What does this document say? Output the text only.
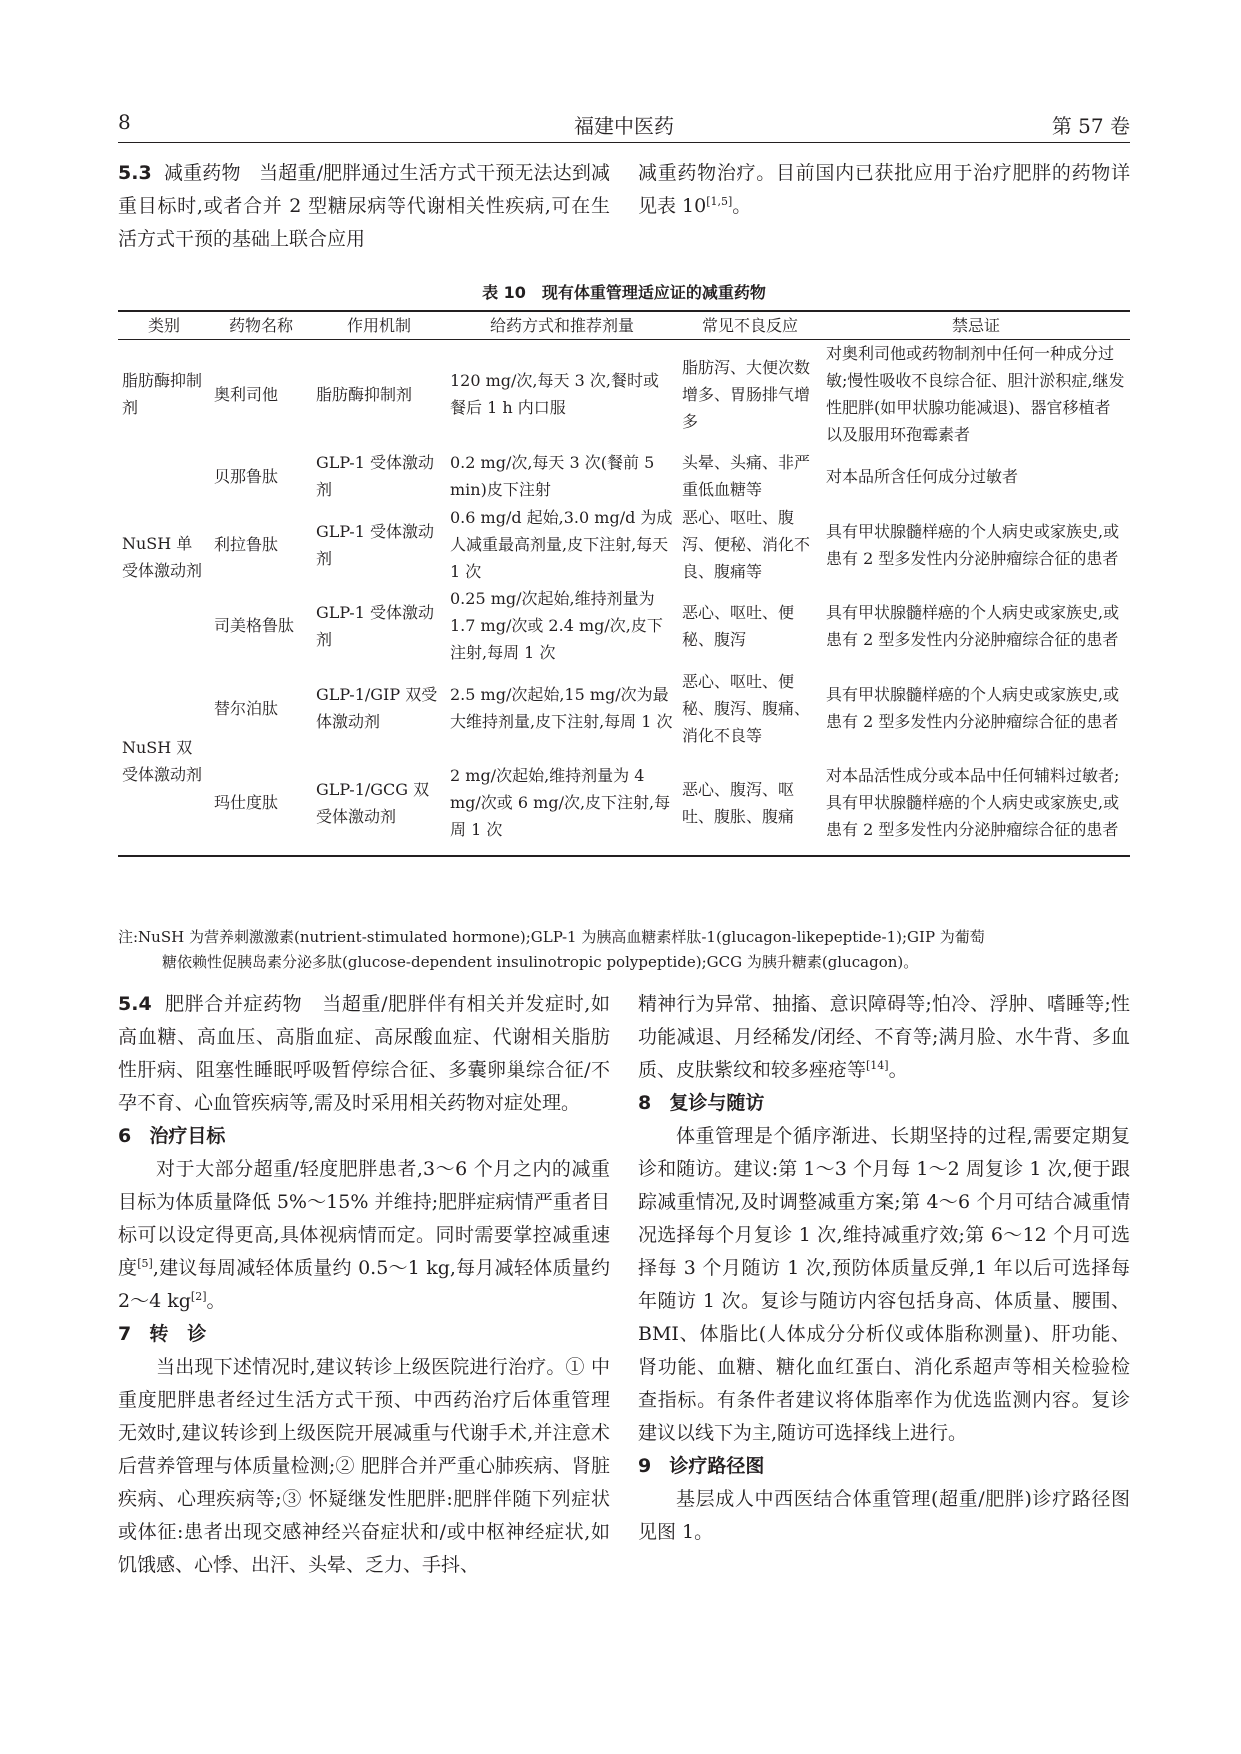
8	福建中医药	第 57 卷

5.3 减重药物 当超重/肥胖通过生活方式干预无法达到减重目标时,或者合并 2 型糖尿病等代谢相关性疾病,可在生活方式干预的基础上联合应用

减重药物治疗。目前国内已获批应用于治疗肥胖的药物详见表 10[1,5]。

表 10　现有体重管理适应证的减重药物
类别	药物名称	作用机制	给药方式和推荐剂量	常见不良反应	禁忌证
脂肪酶抑制剂	奥利司他	脂肪酶抑制剂	120 mg/次,每天 3 次,餐时或餐后 1 h 内口服	脂肪泻、大便次数增多、胃肠排气增多	对奥利司他或药物制剂中任何一种成分过敏;慢性吸收不良综合征、胆汁淤积症,继发性肥胖(如甲状腺功能减退)、器官移植者以及服用环孢霉素者
NuSH 单受体激动剂	贝那鲁肽	GLP-1 受体激动剂	0.2 mg/次,每天 3 次(餐前 5 min)皮下注射	头晕、头痛、非严重低血糖等	对本品所含任何成分过敏者
	利拉鲁肽	GLP-1 受体激动剂	0.6 mg/d 起始,3.0 mg/d 为成人减重最高剂量,皮下注射,每天 1 次	恶心、呕吐、腹泻、便秘、消化不良、腹痛等	具有甲状腺髓样癌的个人病史或家族史,或患有 2 型多发性内分泌肿瘤综合征的患者
	司美格鲁肽	GLP-1 受体激动剂	0.25 mg/次起始,维持剂量为 1.7 mg/次或 2.4 mg/次,皮下注射,每周 1 次	恶心、呕吐、便秘、腹泻	具有甲状腺髓样癌的个人病史或家族史,或患有 2 型多发性内分泌肿瘤综合征的患者
NuSH 双受体激动剂	替尔泊肽	GLP-1/GIP 双受体激动剂	2.5 mg/次起始,15 mg/次为最大维持剂量,皮下注射,每周 1 次	恶心、呕吐、便秘、腹泻、腹痛、消化不良等	具有甲状腺髓样癌的个人病史或家族史,或患有 2 型多发性内分泌肿瘤综合征的患者
	玛仕度肽	GLP-1/GCG 双受体激动剂	2 mg/次起始,维持剂量为 4 mg/次或 6 mg/次,皮下注射,每周 1 次	恶心、腹泻、呕吐、腹胀、腹痛	对本品活性成分或本品中任何辅料过敏者;具有甲状腺髓样癌的个人病史或家族史,或患有 2 型多发性内分泌肿瘤综合征的患者

注:NuSH 为营养刺激激素(nutrient-stimulated hormone);GLP-1 为胰高血糖素样肽-1(glucagon-likepeptide-1);GIP 为葡萄

糖依赖性促胰岛素分泌多肽(glucose-dependent insulinotropic polypeptide);GCG 为胰升糖素(glucagon)。

5.4 肥胖合并症药物 当超重/肥胖伴有相关并发症时,如高血糖、高血压、高脂血症、高尿酸血症、代谢相关脂肪性肝病、阻塞性睡眠呼吸暂停综合征、多囊卵巢综合征/不孕不育、心血管疾病等,需及时采用相关药物对症处理。

6 治疗目标

对于大部分超重/轻度肥胖患者,3～6 个月之内的减重目标为体质量降低 5%～15% 并维持;肥胖症病情严重者目标可以设定得更高,具体视病情而定。同时需要掌控减重速度[5],建议每周减轻体质量约 0.5～1 kg,每月减轻体质量约 2～4 kg[2]。

7 转　诊

当出现下述情况时,建议转诊上级医院进行治疗。① 中重度肥胖患者经过生活方式干预、中西药治疗后体重管理无效时,建议转诊到上级医院开展减重与代谢手术,并注意术后营养管理与体质量检测;② 肥胖合并严重心肺疾病、肾脏疾病、心理疾病等;③ 怀疑继发性肥胖:肥胖伴随下列症状或体征:患者出现交感神经兴奋症状和/或中枢神经症状,如饥饿感、心悸、出汗、头晕、乏力、手抖、

精神行为异常、抽搐、意识障碍等;怕冷、浮肿、嗜睡等;性功能减退、月经稀发/闭经、不育等;满月脸、水牛背、多血质、皮肤紫纹和较多痤疮等[14]。

8 复诊与随访

体重管理是个循序渐进、长期坚持的过程,需要定期复诊和随访。建议:第 1～3 个月每 1～2 周复诊 1 次,便于跟踪减重情况,及时调整减重方案;第 4～6 个月可结合减重情况选择每个月复诊 1 次,维持减重疗效;第 6～12 个月可选择每 3 个月随访 1 次,预防体质量反弹,1 年以后可选择每年随访 1 次。复诊与随访内容包括身高、体质量、腰围、BMI、体脂比(人体成分分析仪或体脂称测量)、肝功能、肾功能、血糖、糖化血红蛋白、消化系超声等相关检验检查指标。有条件者建议将体脂率作为优选监测内容。复诊建议以线下为主,随访可选择线上进行。

9 诊疗路径图

基层成人中西医结合体重管理(超重/肥胖)诊疗路径图见图 1。
